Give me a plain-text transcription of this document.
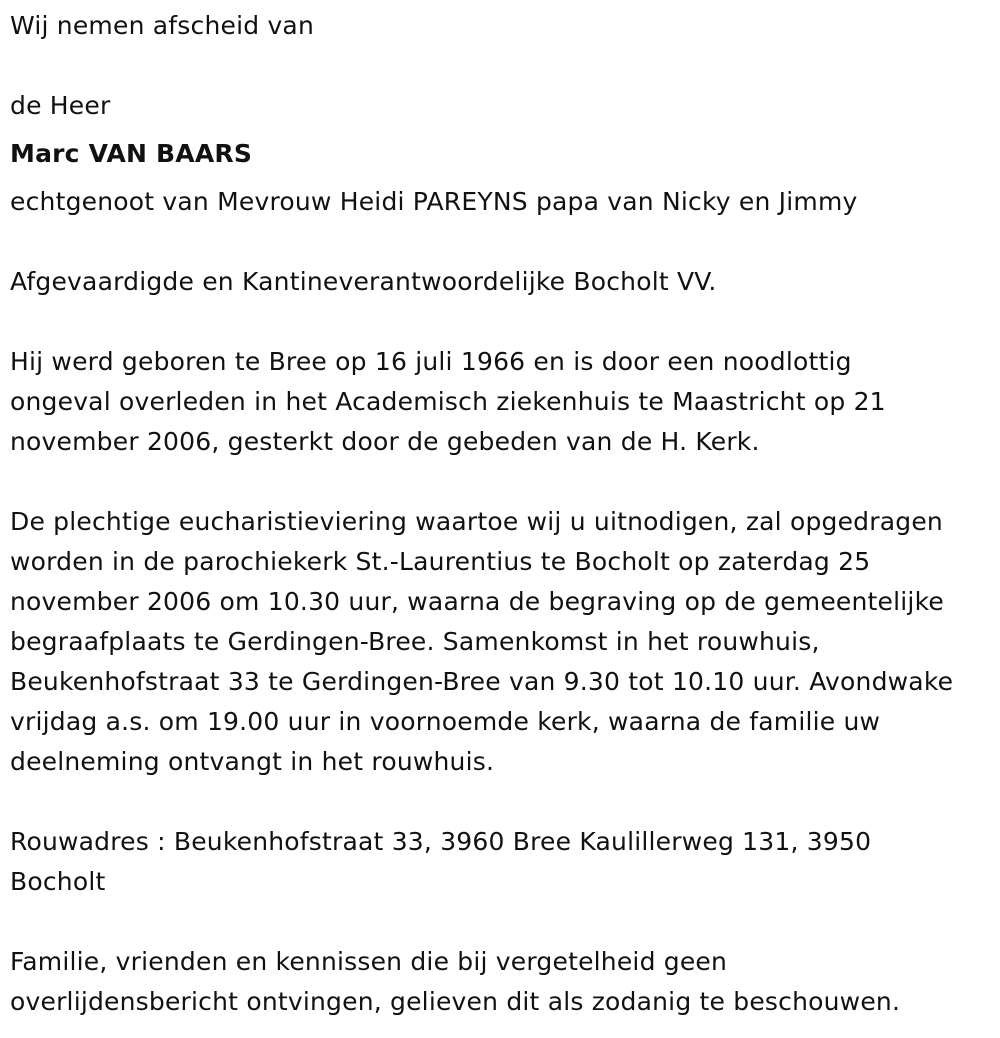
Wij nemen afscheid van

de Heer

Marc VAN BAARS

echtgenoot van Mevrouw Heidi PAREYNS papa van Nicky en Jimmy

Afgevaardigde en Kantineverantwoordelijke Bocholt VV.

Hij werd geboren te Bree op 16 juli 1966 en is door een noodlottig

ongeval overleden in het Academisch ziekenhuis te Maastricht op 21

november 2006, gesterkt door de gebeden van de H. Kerk.

De plechtige eucharistieviering waartoe wij u uitnodigen, zal opgedragen

worden in de parochiekerk St.-Laurentius te Bocholt op zaterdag 25

november 2006 om 10.30 uur, waarna de begraving op de gemeentelijke

begraafplaats te Gerdingen-Bree. Samenkomst in het rouwhuis,

Beukenhofstraat 33 te Gerdingen-Bree van 9.30 tot 10.10 uur. Avondwake

vrijdag a.s. om 19.00 uur in voornoemde kerk, waarna de familie uw

deelneming ontvangt in het rouwhuis.

Rouwadres : Beukenhofstraat 33, 3960 Bree Kaulillerweg 131, 3950

Bocholt

Familie, vrienden en kennissen die bij vergetelheid geen

overlijdensbericht ontvingen, gelieven dit als zodanig te beschouwen.
